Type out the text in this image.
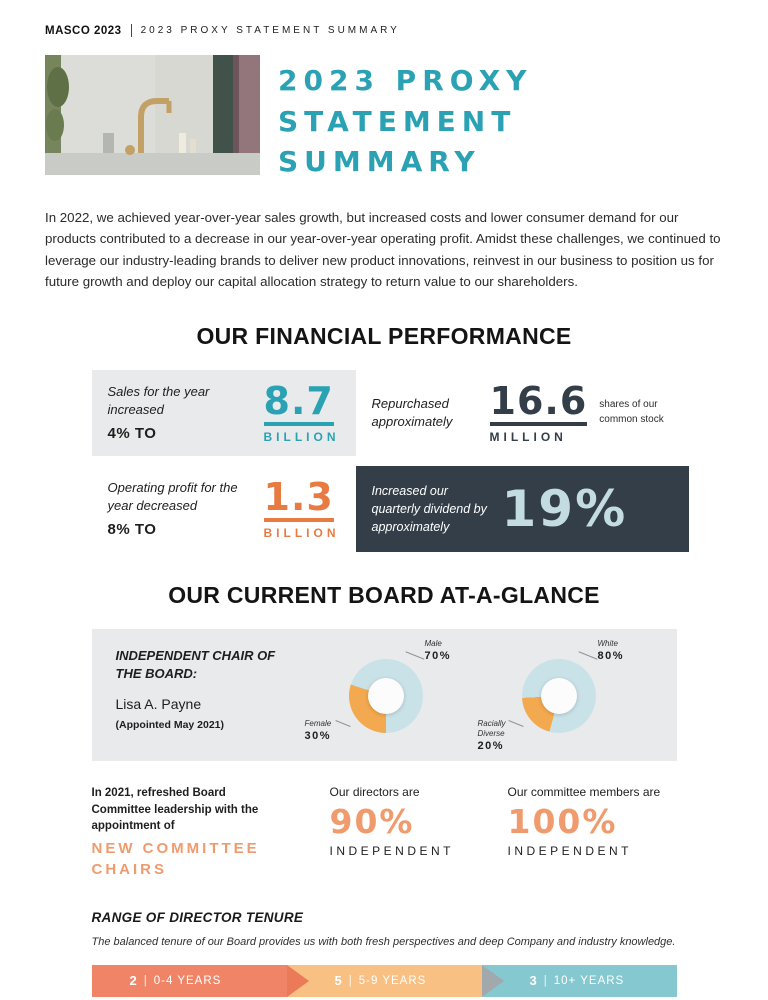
MASCO 2023 2023 PROXY STATEMENT SUMMARY
2023 PROXY
STATEMENT
SUMMARY

In 2022, we achieved year-over-year sales growth, but increased costs and lower consumer demand for our products contributed to a decrease in our year-over-year operating profit. Amidst these challenges, we continued to leverage our industry-leading brands to deliver new product innovations, reinvest in our business to position us for future growth and deploy our capital allocation strategy to return value to our shareholders.

OUR FINANCIAL PERFORMANCE
Sales for the year increased
4% TO
8.7
BILLION
Repurchased approximately 16.6
MILLION
shares of our common stock
Operating profit for the year decreased
8% TO
1.3
BILLION
Increased our quarterly dividend by approximately	19%
OUR CURRENT BOARD AT-A-GLANCE
INDEPENDENT CHAIR OF THE BOARD:
Lisa A. Payne
(Appointed May 2021)
Male
70%
Female
30%
White
80%
Racially Diverse
20%
In 2021, refreshed Board Committee leadership with the appointment of
NEW COMMITTEE CHAIRS
Our directors are
90%
INDEPENDENT
Our committee members are
100%
INDEPENDENT
RANGE OF DIRECTOR TENURE
The balanced tenure of our Board provides us with both fresh perspectives and deep Company and industry knowledge.
2 | 0-4 YEARS	5 | 5-9 YEARS	3 | 10+ YEARS
